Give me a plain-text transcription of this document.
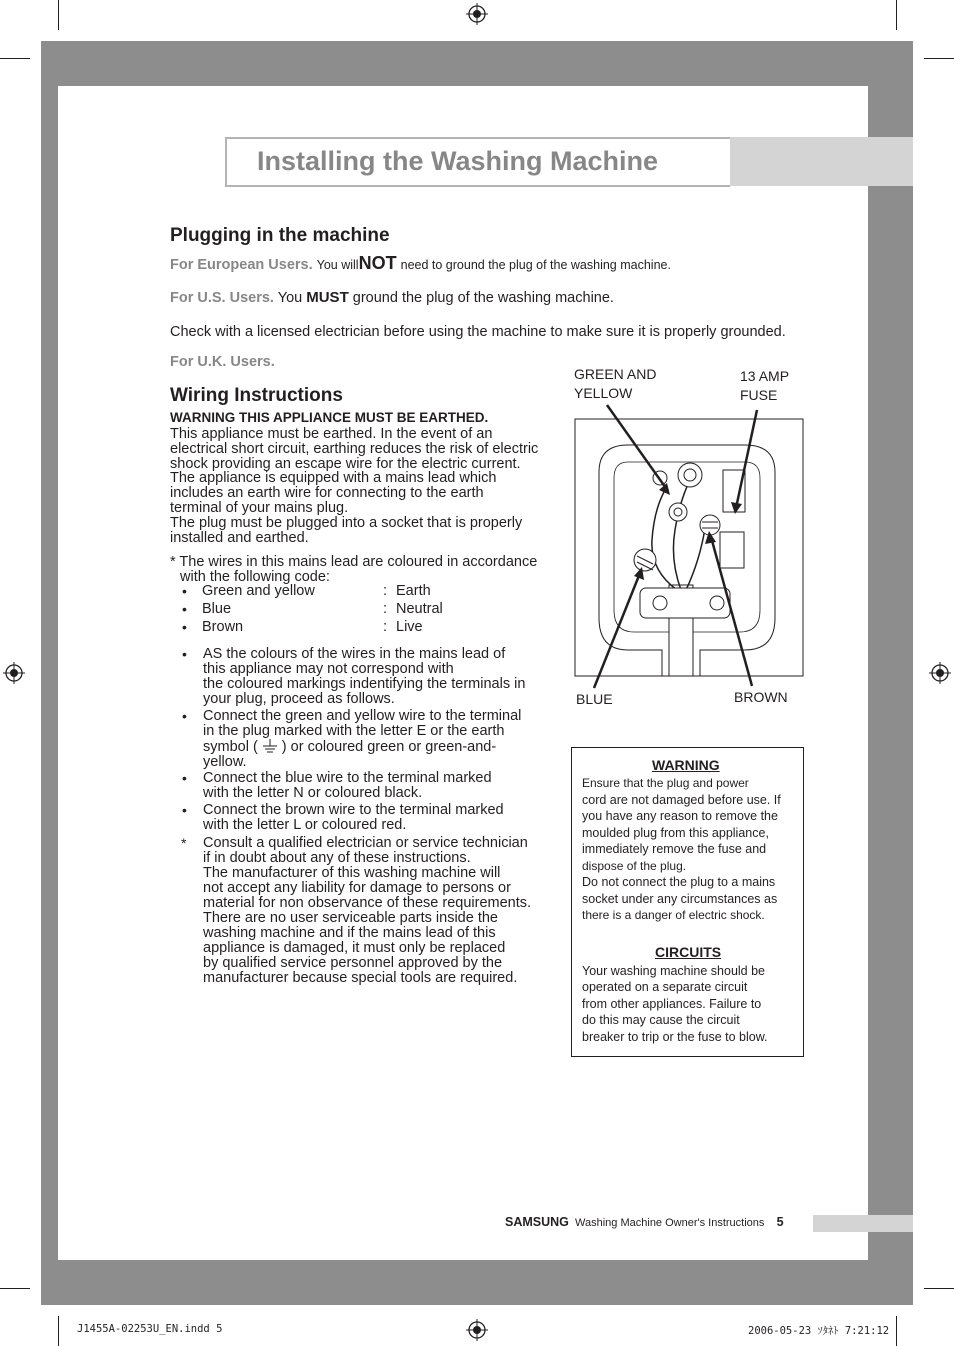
Installing the Washing Machine
Plugging in the machine
For European Users. You willNOT need to ground the plug of the washing machine.
For U.S. Users. You MUST ground the plug of the washing machine.
Check with a licensed electrician before using the machine to make sure it is properly grounded.
For U.K. Users.
Wiring Instructions
WARNING THIS APPLIANCE MUST BE EARTHED.

This appliance must be earthed. In the event of an

electrical short circuit, earthing reduces the risk of electric

shock providing an escape wire for the electric current.

The appliance is equipped with a mains lead which

includes an earth wire for connecting to the earth

terminal of your mains plug.

The plug must be plugged into a socket that is properly

installed and earthed.

* The wires in this mains lead are coloured in accordance
with the following code:
• Green and yellow	: Earth
• Blue	: Neutral
• Brown	: Live
• AS the colours of the wires in the mains lead of
this appliance may not correspond with
the coloured markings indentifying the terminals in
your plug, proceed as follows.
• Connect the green and yellow wire to the terminal
in the plug marked with the letter E or the earth
symbol ( ) or coloured green or green-and-
yellow.
• Connect the blue wire to the terminal marked
with the letter N or coloured black.
• Connect the brown wire to the terminal marked
with the letter L or coloured red.
* Consult a qualified electrician or service technician
if in doubt about any of these instructions.
The manufacturer of this washing machine will
not accept any liability for damage to persons or
material for non observance of these requirements.
There are no user serviceable parts inside the
washing machine and if the mains lead of this
appliance is damaged, it must only be replaced
by qualified service personnel approved by the
manufacturer because special tools are required.
GREEN AND
YELLOW
13 AMP
FUSE
BLUE	BROWN
WARNING
Ensure that the plug and power
cord are not damaged before use. If
you have any reason to remove the
moulded plug from this appliance,
immediately remove the fuse and
dispose of the plug.
Do not connect the plug to a mains
socket under any circumstances as
there is a danger of electric shock.
CIRCUITS
Your washing machine should be
operated on a separate circuit
from other appliances. Failure to
do this may cause the circuit
breaker to trip or the fuse to blow.
SAMSUNG Washing Machine Owner's Instructions 5
J1455A-02253U_EN.indd 5	2006-05-23 ｿﾀﾈﾄ 7:21:12
